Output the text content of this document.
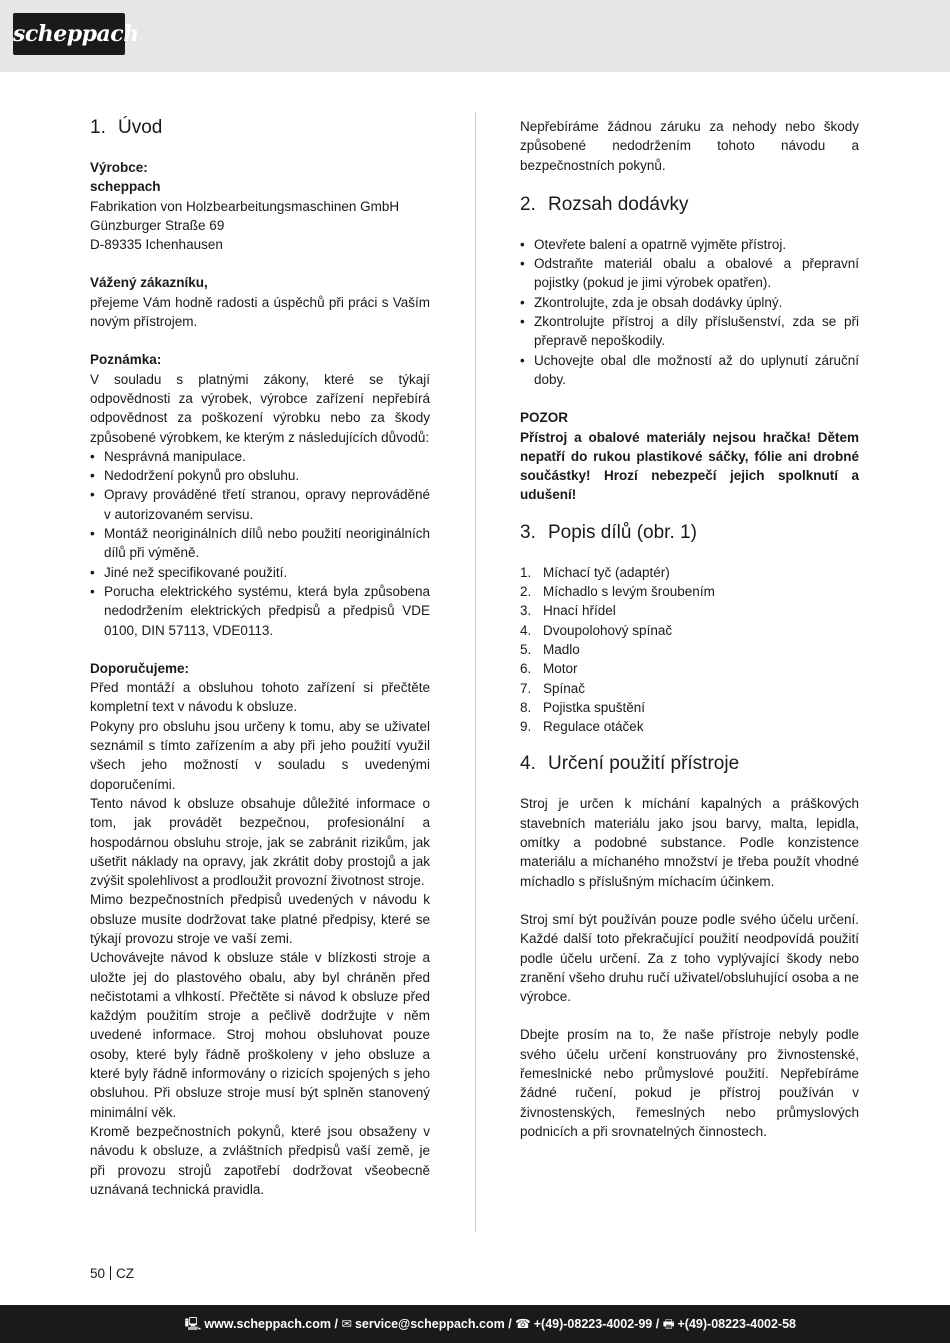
scheppach
1. Úvod

Výrobce:

scheppach

Fabrikation von Holzbearbeitungsmaschinen GmbH

Günzburger Straße 69

D-89335 Ichenhausen

Vážený zákazníku,

přejeme Vám hodně radosti a úspěchů při práci s Vaším novým přístrojem.

Poznámka:

V souladu s platnými zákony, které se týkají odpovědnosti za výrobek, výrobce zařízení nepřebírá odpovědnost za poškození výrobku nebo za škody způsobené výrobkem, ke kterým z následujících důvodů:

• Nesprávná manipulace.
• Nedodržení pokynů pro obsluhu.
• Opravy prováděné třetí stranou, opravy neprováděné v autorizovaném servisu.
• Montáž neoriginálních dílů nebo použití neoriginálních dílů při výměně.
• Jiné než specifikované použití.
• Porucha elektrického systému, která byla způsobena nedodržením elektrických předpisů a předpisů VDE 0100, DIN 57113, VDE0113.

Doporučujeme:

Před montáží a obsluhou tohoto zařízení si přečtěte kompletní text v návodu k obsluze.

Pokyny pro obsluhu jsou určeny k tomu, aby se uživatel seznámil s tímto zařízením a aby při jeho použití využil všech jeho možností v souladu s uvedenými doporučeními.

Tento návod k obsluze obsahuje důležité informace o tom, jak provádět bezpečnou, profesionální a hospodárnou obsluhu stroje, jak se zabránit rizikům, jak ušetřit náklady na opravy, jak zkrátit doby prostojů a jak zvýšit spolehlivost a prodloužit provozní životnost stroje.

Mimo bezpečnostních předpisů uvedených v návodu k obsluze musíte dodržovat take platné předpisy, které se týkají provozu stroje ve vaší zemi.

Uchovávejte návod k obsluze stále v blízkosti stroje a uložte jej do plastového obalu, aby byl chráněn před nečistotami a vlhkostí. Přečtěte si návod k obsluze před každým použitím stroje a pečlivě dodržujte v něm uvedené informace. Stroj mohou obsluhovat pouze osoby, které byly řádně proškoleny v jeho obsluze a které byly řádně informovány o rizicích spojených s jeho obsluhou. Při obsluze stroje musí být splněn stanovený minimální věk.

Kromě bezpečnostních pokynů, které jsou obsaženy v návodu k obsluze, a zvláštních předpisů vaší země, je při provozu strojů zapotřebí dodržovat všeobecně uznávaná technická pravidla.

Nepřebíráme žádnou záruku za nehody nebo škody způsobené nedodržením tohoto návodu a bezpečnostních pokynů.

2. Rozsah dodávky
• Otevřete balení a opatrně vyjměte přístroj.
• Odstraňte materiál obalu a obalové a přepravní pojistky (pokud je jimi výrobek opatřen).
• Zkontrolujte, zda je obsah dodávky úplný.
• Zkontrolujte přístroj a díly příslušenství, zda se při přepravě nepoškodily.
• Uchovejte obal dle možností až do uplynutí záruční doby.

POZOR

Přístroj a obalové materiály nejsou hračka! Dětem nepatří do rukou plastikové sáčky, fólie ani drobné součástky! Hrozí nebezpečí jejich spolknutí a udušení!

3. Popis dílů (obr. 1)
1. Míchací tyč (adaptér)
2. Míchadlo s levým šroubením
3. Hnací hřídel
4. Dvoupolohový spínač
5. Madlo
6. Motor
7. Spínač
8. Pojistka spuštění
9. Regulace otáček
4. Určení použití přístroje

Stroj je určen k míchání kapalných a práškových stavebních materiálu jako jsou barvy, malta, lepidla, omítky a podobné substance. Podle konzistence materiálu a míchaného množství je třeba použít vhodné míchadlo s příslušným míchacím účinkem.

Stroj smí být používán pouze podle svého účelu určení. Každé další toto překračující použití neodpovídá použití podle účelu určení. Za z toho vyplývající škody nebo zranění všeho druhu ručí uživatel/obsluhující osoba a ne výrobce.

Dbejte prosím na to, že naše přístroje nebyly podle svého účelu určení konstruovány pro živnostenské, řemeslnické nebo průmyslové použití. Nepřebíráme žádné ručení, pokud je přístroj používán v živnostenských, řemeslných nebo průmyslových podnicích a při srovnatelných činnostech.

50 CZ
🖳 www.scheppach.com / ✉ service@scheppach.com / ☎ +(49)-08223-4002-99 / 🖶 +(49)-08223-4002-58
